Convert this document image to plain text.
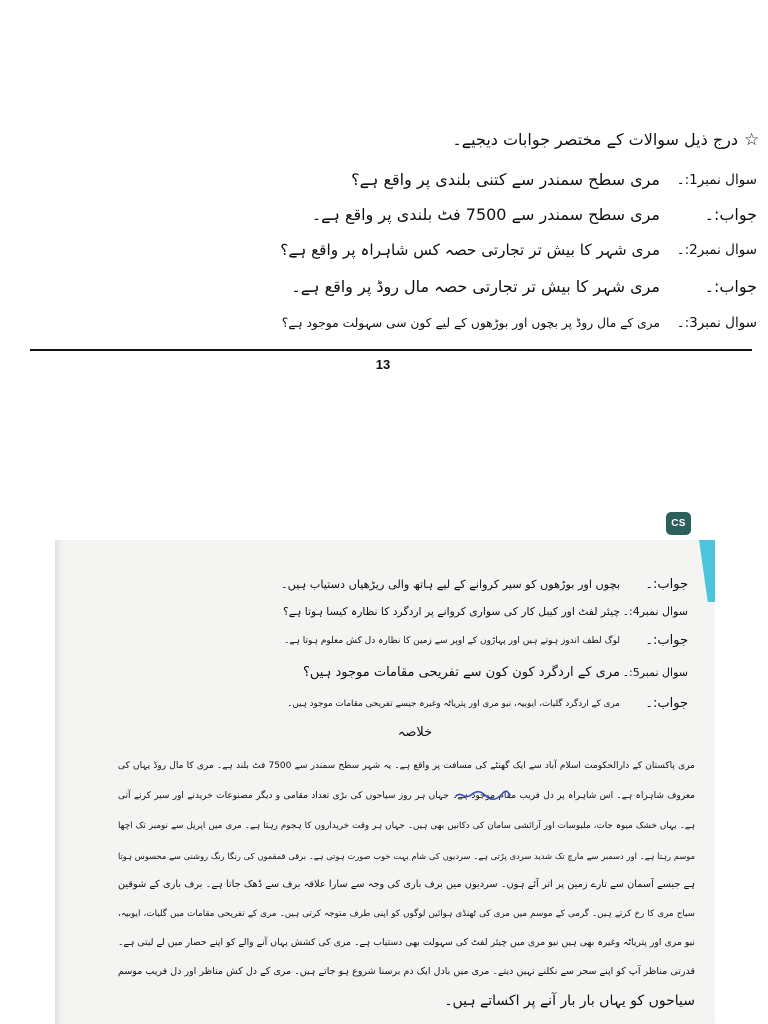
☆
درج ذیل سوالات کے مختصر جوابات دیجیے۔
سوال نمبر1:۔
مری سطح سمندر سے کتنی بلندی پر واقع ہے؟
جواب:۔
مری سطح سمندر سے 7500 فٹ بلندی پر واقع ہے۔
سوال نمبر2:۔
مری شہر کا بیش تر تجارتی حصہ کس شاہراہ پر واقع ہے؟
جواب:۔
مری شہر کا بیش تر تجارتی حصہ مال روڈ پر واقع ہے۔
سوال نمبر3:۔
مری کے مال روڈ پر بچوں اور بوڑھوں کے لیے کون سی سہولت موجود ہے؟
13
CS
جواب:۔
بچوں اور بوڑھوں کو سیر کروانے کے لیے ہاتھ والی ریڑھیاں دستیاب ہیں۔
سوال نمبر4:۔
چیئر لفٹ اور کیبل کار کی سواری کروانے پر اردگرد کا نظارہ کیسا ہوتا ہے؟
جواب:۔
لوگ لطف اندوز ہوتے ہیں اور پہاڑوں کے اوپر سے زمین کا نظارہ دل کش معلوم ہوتا ہے۔
سوال نمبر5:۔
مری کے اردگرد کون کون سے تفریحی مقامات موجود ہیں؟
جواب:۔
مری کے اردگرد گلیات، ایوبیہ، نیو مری اور پتریاٹہ وغیرہ جیسے تفریحی مقامات موجود ہیں۔
خلاصہ
مری پاکستان کے دارالحکومت اسلام آباد سے ایک گھنٹے کی مسافت پر واقع ہے۔ یہ شہر سطح سمندر سے 7500 فٹ بلند ہے۔ مری کا مال روڈ یہاں کی
معروف شاہراہ ہے۔ اس شاہراہ پر دل فریب مقام موجود ہے۔ جہاں ہر روز سیاحوں کی بڑی تعداد مقامی و دیگر مصنوعات خریدنے اور سیر کرنے آتی
ہے۔ یہاں خشک میوہ جات، ملبوسات اور آرائشی سامان کی دکانیں بھی ہیں۔ جہاں ہر وقت خریداروں کا ہجوم رہتا ہے۔ مری میں اپریل سے نومبر تک اچھا
موسم رہتا ہے۔ اور دسمبر سے مارچ تک شدید سردی پڑتی ہے۔ سردیوں کی شام بہت خوب صورت ہوتی ہے۔ برقی قمقموں کی رنگا رنگ روشنی سے محسوس ہوتا
ہے جیسے آسمان سے تارے زمین پر اتر آئے ہوں۔ سردیوں میں برف باری کی وجہ سے سارا علاقہ برف سے ڈھک جاتا ہے۔ برف باری کے شوقین
سیاح مری کا رخ کرتے ہیں۔ گرمی کے موسم میں مری کی ٹھنڈی ہوائیں لوگوں کو اپنی طرف متوجہ کرتی ہیں۔ مری کے تفریحی مقامات میں گلیات، ایوبیہ،
نیو مری اور پتریاٹہ وغیرہ بھی ہیں نیو مری میں چیئر لفٹ کی سہولت بھی دستیاب ہے۔ مری کی کشش یہاں آنے والے کو اپنے حصار میں لے لیتی ہے۔
قدرتی مناظر آپ کو اپنے سحر سے نکلنے نہیں دیتے۔ مری میں بادل ایک دم برسنا شروع ہو جاتے ہیں۔ مری کے دل کش مناظر اور دل فریب موسم
سیاحوں کو یہاں بار بار آنے پر اکساتے ہیں۔
